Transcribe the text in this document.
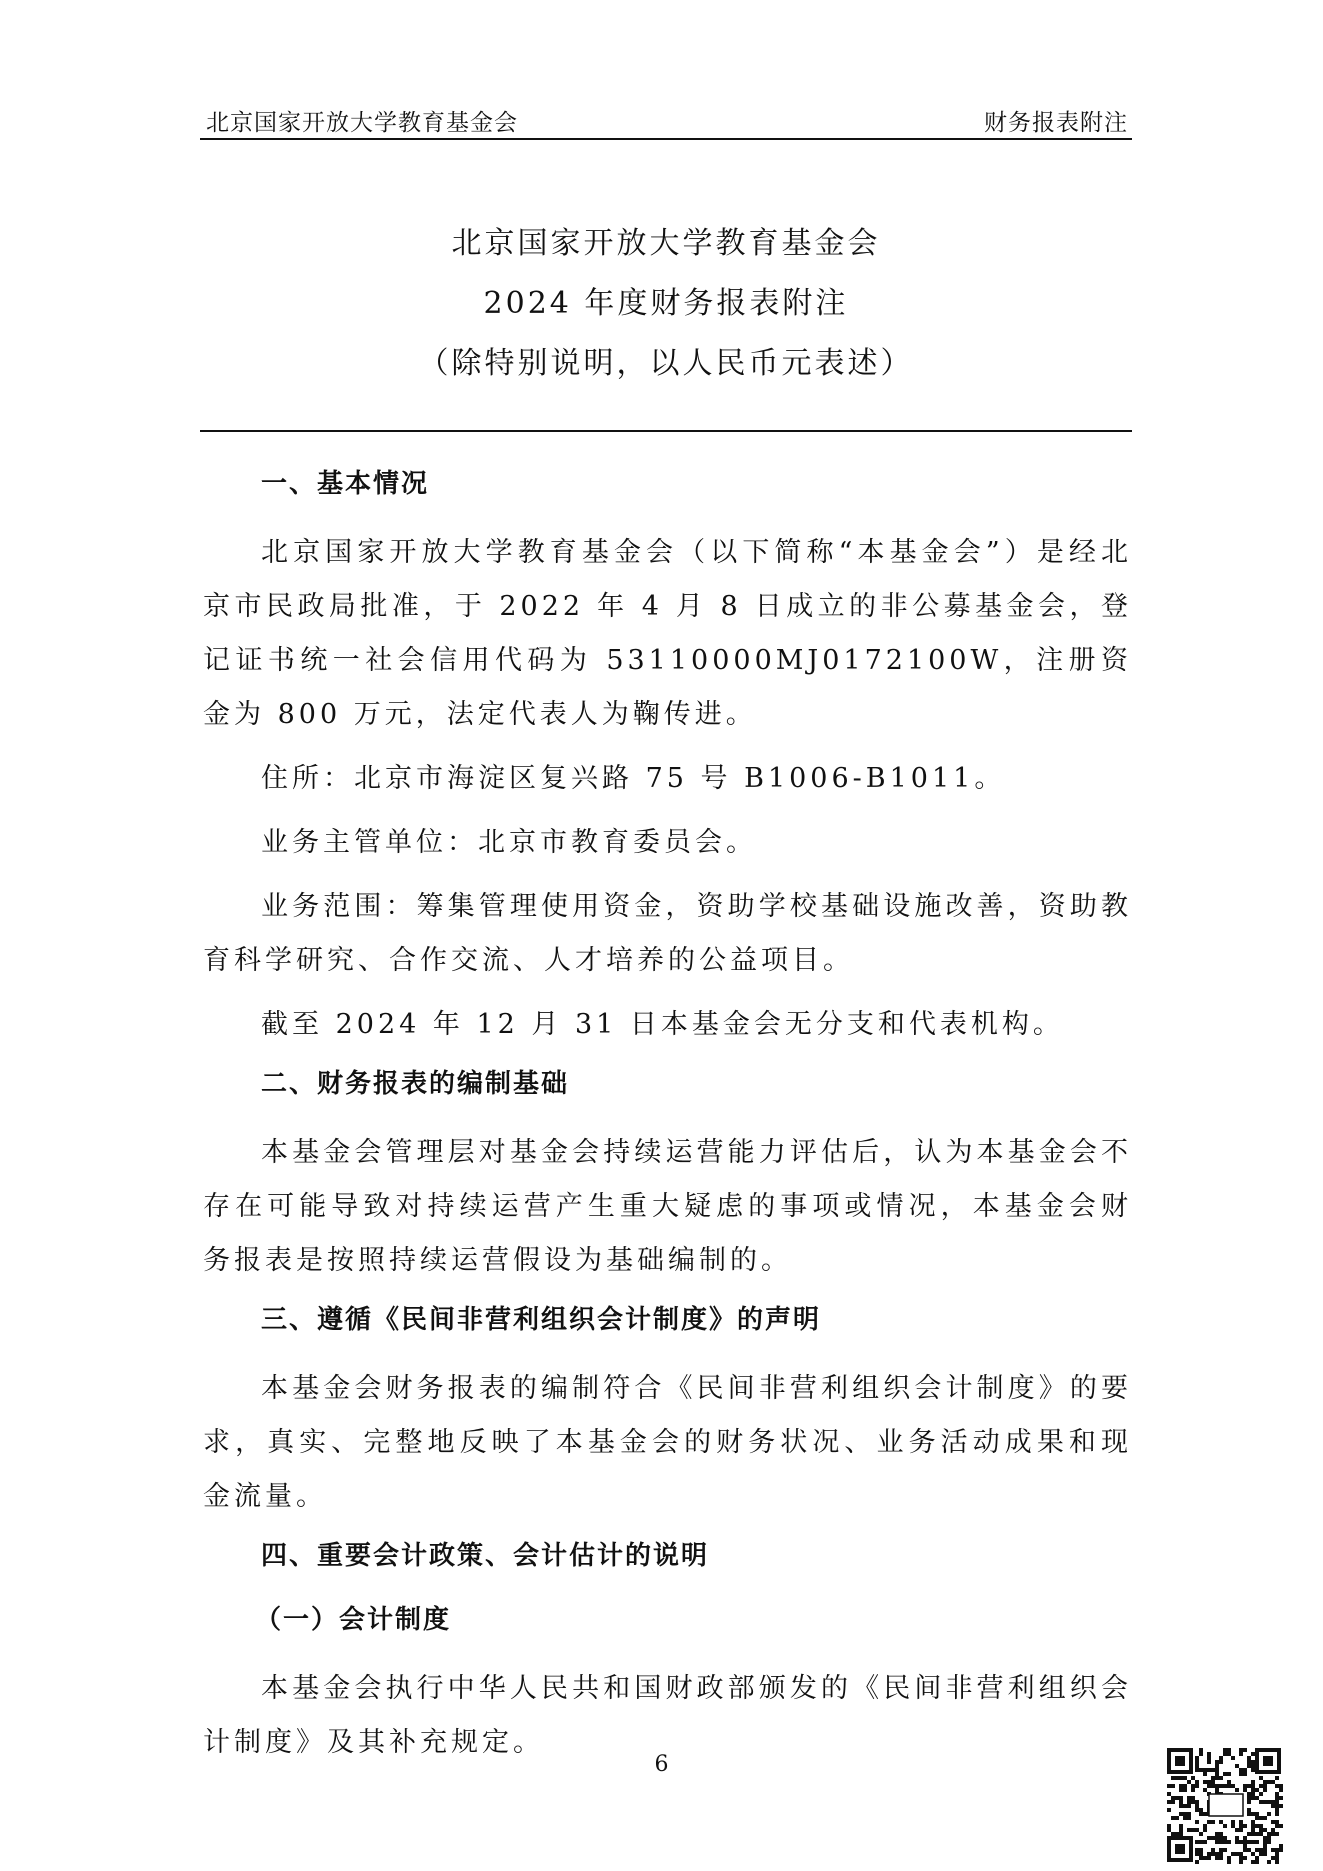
北京国家开放大学教育基金会	财务报表附注
北京国家开放大学教育基金会
2024 年度财务报表附注
（除特别说明，以人民币元表述）
一、基本情况

北京国家开放大学教育基金会（以下简称“本基金会”）是经北京市民政局批准，于 2022 年 4 月 8 日成立的非公募基金会，登记证书统一社会信用代码为 53110000MJ0172100W，注册资金为 800 万元，法定代表人为鞠传进。

住所：北京市海淀区复兴路 75 号 B1006-B1011。

业务主管单位：北京市教育委员会。

业务范围：筹集管理使用资金，资助学校基础设施改善，资助教育科学研究、合作交流、人才培养的公益项目。

截至 2024 年 12 月 31 日本基金会无分支和代表机构。

二、财务报表的编制基础

本基金会管理层对基金会持续运营能力评估后，认为本基金会不存在可能导致对持续运营产生重大疑虑的事项或情况，本基金会财务报表是按照持续运营假设为基础编制的。

三、遵循《民间非营利组织会计制度》的声明

本基金会财务报表的编制符合《民间非营利组织会计制度》的要求，真实、完整地反映了本基金会的财务状况、业务活动成果和现金流量。

四、重要会计政策、会计估计的说明
（一）会计制度

本基金会执行中华人民共和国财政部颁发的《民间非营利组织会计制度》及其补充规定。

6
